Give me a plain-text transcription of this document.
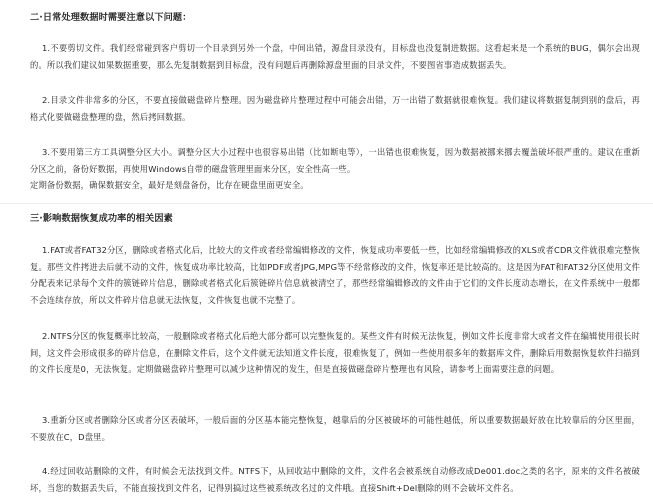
二·日常处理数据时需要注意以下问题：

1.不要剪切文件。我们经常碰到客户剪切一个目录到另外一个盘，中间出错，源盘目录没有，目标盘也没复制进数据。这看起来是一个系统的BUG，偶尔会出现的。所以我们建议如果数据重要，那么先复制数据到目标盘，没有问题后再删除源盘里面的目录文件，不要图省事造成数据丢失。

2.目录文件非常多的分区，不要直接做磁盘碎片整理。因为磁盘碎片整理过程中可能会出错，万一出错了数据就很难恢复。我们建议将数据复制到别的盘后，再格式化要做磁盘整理的盘，然后拷回数据。

3.不要用第三方工具调整分区大小。调整分区大小过程中也很容易出错（比如断电等），一出错也很难恢复，因为数据被挪来挪去覆盖破坏很严重的。建议在重新分区之前，备份好数据，再使用Windows自带的磁盘管理里面来分区，安全性高一些。

定期备份数据，确保数据安全，最好是刻盘备份，比存在硬盘里面更安全。

三·影响数据恢复成功率的相关因素

1.FAT或者FAT32分区，删除或者格式化后，比较大的文件或者经常编辑修改的文件，恢复成功率要低一些，比如经常编辑修改的XLS或者CDR文件就很难完整恢复。那些文件拷进去后就不动的文件，恢复成功率比较高，比如PDF或者JPG,MPG等不经常修改的文件，恢复率还是比较高的。这是因为FAT和FAT32分区使用文件分配表来记录每个文件的簇链碎片信息，删除或者格式化后簇链碎片信息就被清空了，那些经常编辑修改的文件由于它们的文件长度动态增长，在文件系统中一般都不会连续存放，所以文件碎片信息就无法恢复，文件恢复也就不完整了。

2.NTFS分区的恢复概率比较高，一般删除或者格式化后绝大部分都可以完整恢复的。某些文件有时候无法恢复，例如文件长度非常大或者文件在编辑使用很长时间，这文件会形成很多的碎片信息，在删除文件后，这个文件就无法知道文件长度，很难恢复了，例如一些使用很多年的数据库文件，删除后用数据恢复软件扫描到的文件长度是0，无法恢复。定期做磁盘碎片整理可以减少这种情况的发生，但是直接做磁盘碎片整理也有风险，请参考上面需要注意的问题。

3.重新分区或者删除分区或者分区表破坏，一般后面的分区基本能完整恢复，越靠后的分区被破坏的可能性越低，所以重要数据最好放在比较靠后的分区里面，不要放在C，D盘里。

4.经过回收站删除的文件，有时候会无法找到文件。NTFS下，从回收站中删除的文件，文件名会被系统自动修改成De001.doc之类的名字，原来的文件名被破坏，当您的数据丢失后，不能直接找到文件名，记得别搞过这些被系统改名过的文件哦。直接Shift+Del删除的则不会破坏文件名。
